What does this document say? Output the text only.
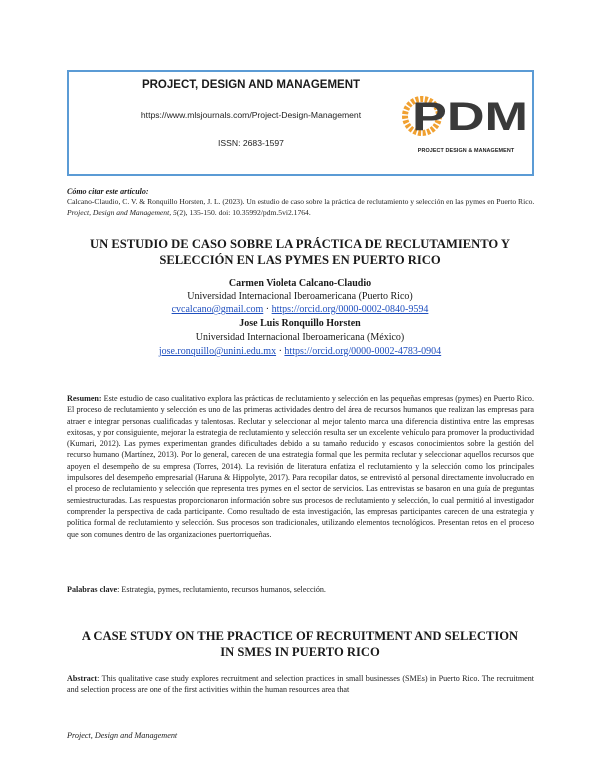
PROJECT, DESIGN AND MANAGEMENT
https://www.mlsjournals.com/Project-Design-Management
ISSN: 2683-1597
PDM
PROJECT DESIGN & MANAGEMENT
Cómo citar este artículo:
Calcano-Claudio, C. V. & Ronquillo Horsten, J. L. (2023). Un estudio de caso sobre la práctica de reclutamiento y selección en las pymes en Puerto Rico. Project, Design and Management, 5(2), 135-150. doi: 10.35992/pdm.5vi2.1764.
UN ESTUDIO DE CASO SOBRE LA PRÁCTICA DE RECLUTAMIENTO Y SELECCIÓN EN LAS PYMES EN PUERTO RICO
Carmen Violeta Calcano-Claudio
Universidad Internacional Iberoamericana (Puerto Rico)
cvcalcano@gmail.com · https://orcid.org/0000-0002-0840-9594
Jose Luis Ronquillo Horsten
Universidad Internacional Iberoamericana (México)
jose.ronquillo@unini.edu.mx · https://orcid.org/0000-0002-4783-0904
Resumen: Este estudio de caso cualitativo explora las prácticas de reclutamiento y selección en las pequeñas empresas (pymes) en Puerto Rico. El proceso de reclutamiento y selección es uno de las primeras actividades dentro del área de recursos humanos que realizan las empresas para atraer e integrar personas cualificadas y talentosas. Reclutar y seleccionar al mejor talento marca una diferencia distintiva entre las empresas exitosas, y por consiguiente, mejorar la estrategia de reclutamiento y selección resulta ser un excelente vehículo para promover la productividad (Kumari, 2012). Las pymes experimentan grandes dificultades debido a su tamaño reducido y escasos conocimientos sobre la gestión del recurso humano (Martínez, 2013). Por lo general, carecen de una estrategia formal que les permita reclutar y seleccionar aquellos recursos que apoyen el desempeño de su empresa (Torres, 2014). La revisión de literatura enfatiza el reclutamiento y la selección como los principales impulsores del desempeño empresarial (Haruna & Hippolyte, 2017). Para recopilar datos, se entrevistó al personal directamente involucrado en el proceso de reclutamiento y selección que representa tres pymes en el sector de servicios. Las entrevistas se basaron en una guía de preguntas semiestructuradas. Las respuestas proporcionaron información sobre sus procesos de reclutamiento y selección, lo cual permitió al investigador comprender la perspectiva de cada participante. Como resultado de esta investigación, las empresas participantes carecen de una estrategia y política formal de reclutamiento y selección. Sus procesos son tradicionales, utilizando elementos tecnológicos. Presentan retos en el proceso que son comunes dentro de las organizaciones puertorriqueñas.
Palabras clave: Estrategia, pymes, reclutamiento, recursos humanos, selección.
A CASE STUDY ON THE PRACTICE OF RECRUITMENT AND SELECTION IN SMES IN PUERTO RICO
Abstract: This qualitative case study explores recruitment and selection practices in small businesses (SMEs) in Puerto Rico. The recruitment and selection process are one of the first activities within the human resources area that
Project, Design and Management
